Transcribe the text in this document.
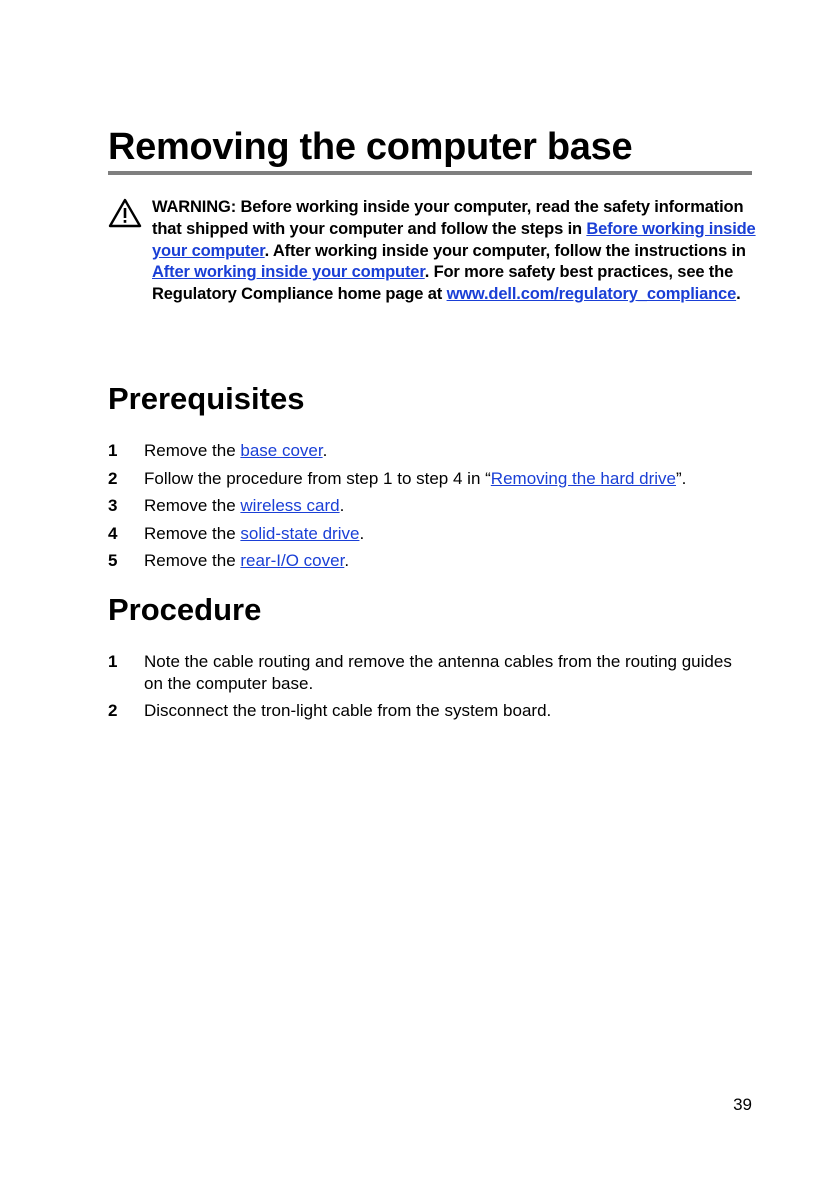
Removing the computer base

WARNING: Before working inside your computer, read the safety information that shipped with your computer and follow the steps in Before working inside your computer. After working inside your computer, follow the instructions in After working inside your computer. For more safety best practices, see the Regulatory Compliance home page at www.dell.com/regulatory_compliance.

Prerequisites
1 Remove the base cover.
2 Follow the procedure from step 1 to step 4 in “Removing the hard drive”.
3 Remove the wireless card.
4 Remove the solid-state drive.
5 Remove the rear-I/O cover.
Procedure
1 Note the cable routing and remove the antenna cables from the routing guides on the computer base.
2 Disconnect the tron-light cable from the system board.
39
